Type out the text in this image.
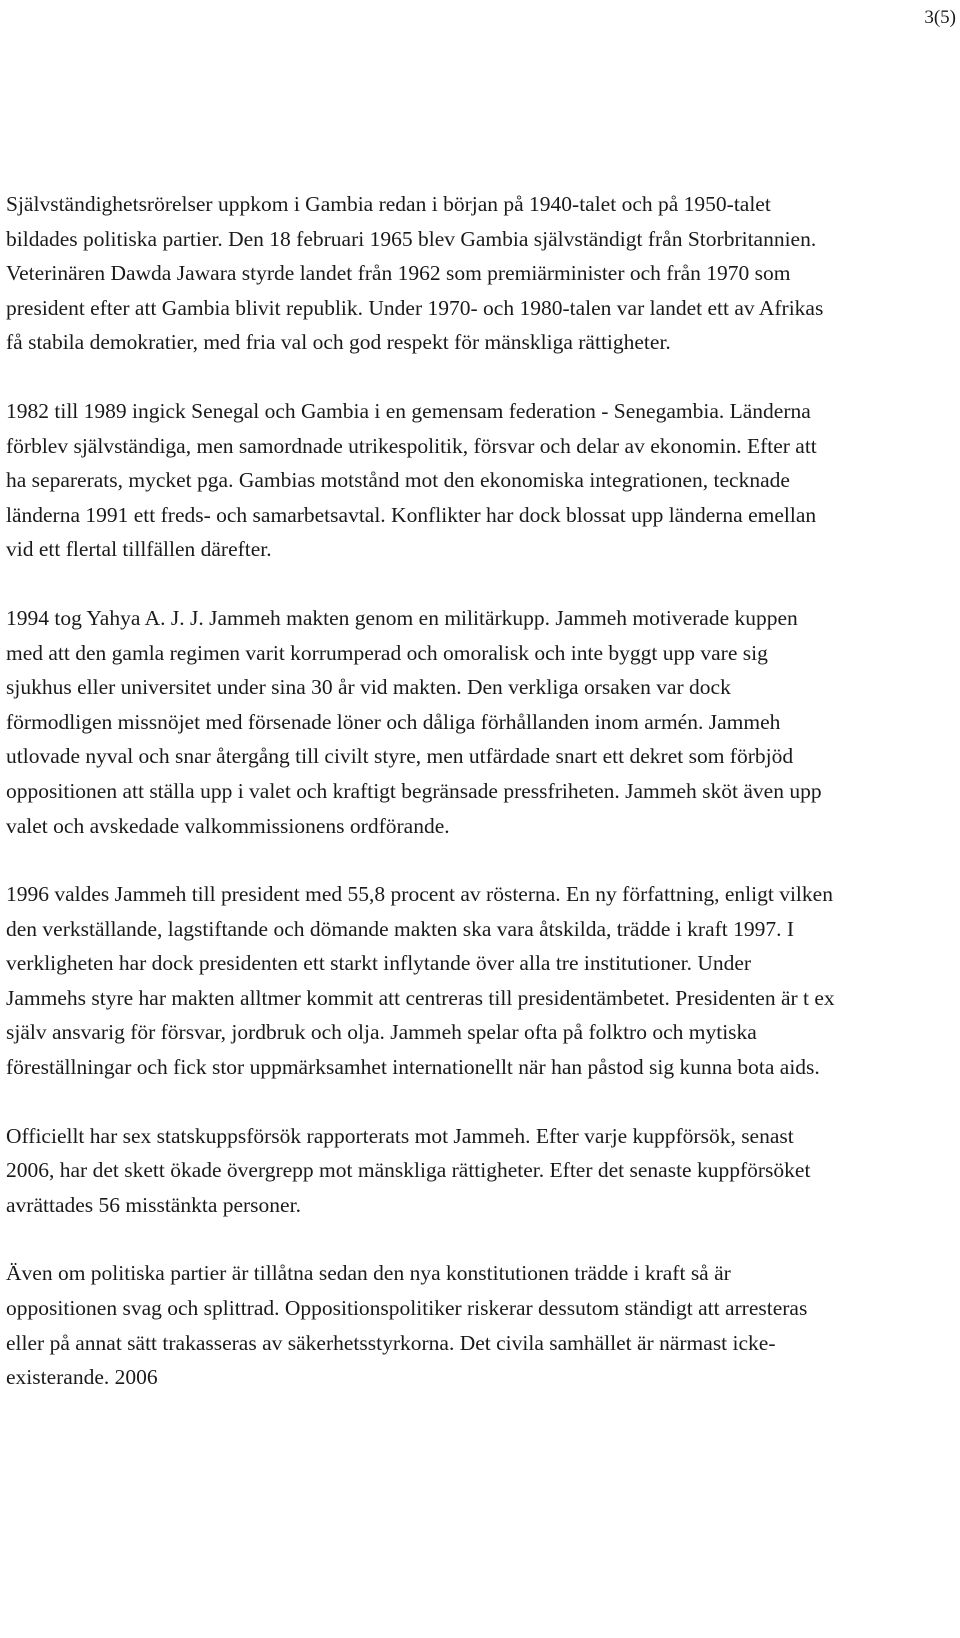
3(5)

Självständighetsrörelser uppkom i Gambia redan i början på 1940-talet och på 1950-talet bildades politiska partier. Den 18 februari 1965 blev Gambia självständigt från Storbritannien. Veterinären Dawda Jawara styrde landet från 1962 som premiärminister och från 1970 som president efter att Gambia blivit republik. Under 1970- och 1980-talen var landet ett av Afrikas få stabila demokratier, med fria val och god respekt för mänskliga rättigheter.

1982 till 1989 ingick Senegal och Gambia i en gemensam federation - Senegambia. Länderna förblev självständiga, men samordnade utrikespolitik, försvar och delar av ekonomin. Efter att ha separerats, mycket pga. Gambias motstånd mot den ekonomiska integrationen, tecknade länderna 1991 ett freds- och samarbetsavtal. Konflikter har dock blossat upp länderna emellan vid ett flertal tillfällen därefter.

1994 tog Yahya A. J. J. Jammeh makten genom en militärkupp. Jammeh motiverade kuppen med att den gamla regimen varit korrumperad och omoralisk och inte byggt upp vare sig sjukhus eller universitet under sina 30 år vid makten. Den verkliga orsaken var dock förmodligen missnöjet med försenade löner och dåliga förhållanden inom armén. Jammeh utlovade nyval och snar återgång till civilt styre, men utfärdade snart ett dekret som förbjöd oppositionen att ställa upp i valet och kraftigt begränsade pressfriheten. Jammeh sköt även upp valet och avskedade valkommissionens ordförande.

1996 valdes Jammeh till president med 55,8 procent av rösterna. En ny författning, enligt vilken den verkställande, lagstiftande och dömande makten ska vara åtskilda, trädde i kraft 1997. I verkligheten har dock presidenten ett starkt inflytande över alla tre institutioner. Under Jammehs styre har makten alltmer kommit att centreras till presidentämbetet. Presidenten är t ex själv ansvarig för försvar, jordbruk och olja. Jammeh spelar ofta på folktro och mytiska föreställningar och fick stor uppmärksamhet internationellt när han påstod sig kunna bota aids.

Officiellt har sex statskuppsförsök rapporterats mot Jammeh. Efter varje kuppförsök, senast 2006, har det skett ökade övergrepp mot mänskliga rättigheter. Efter det senaste kuppförsöket avrättades 56 misstänkta personer.

Även om politiska partier är tillåtna sedan den nya konstitutionen trädde i kraft så är oppositionen svag och splittrad. Oppositionspolitiker riskerar dessutom ständigt att arresteras eller på annat sätt trakasseras av säkerhetsstyrkorna. Det civila samhället är närmast icke-existerande. 2006
